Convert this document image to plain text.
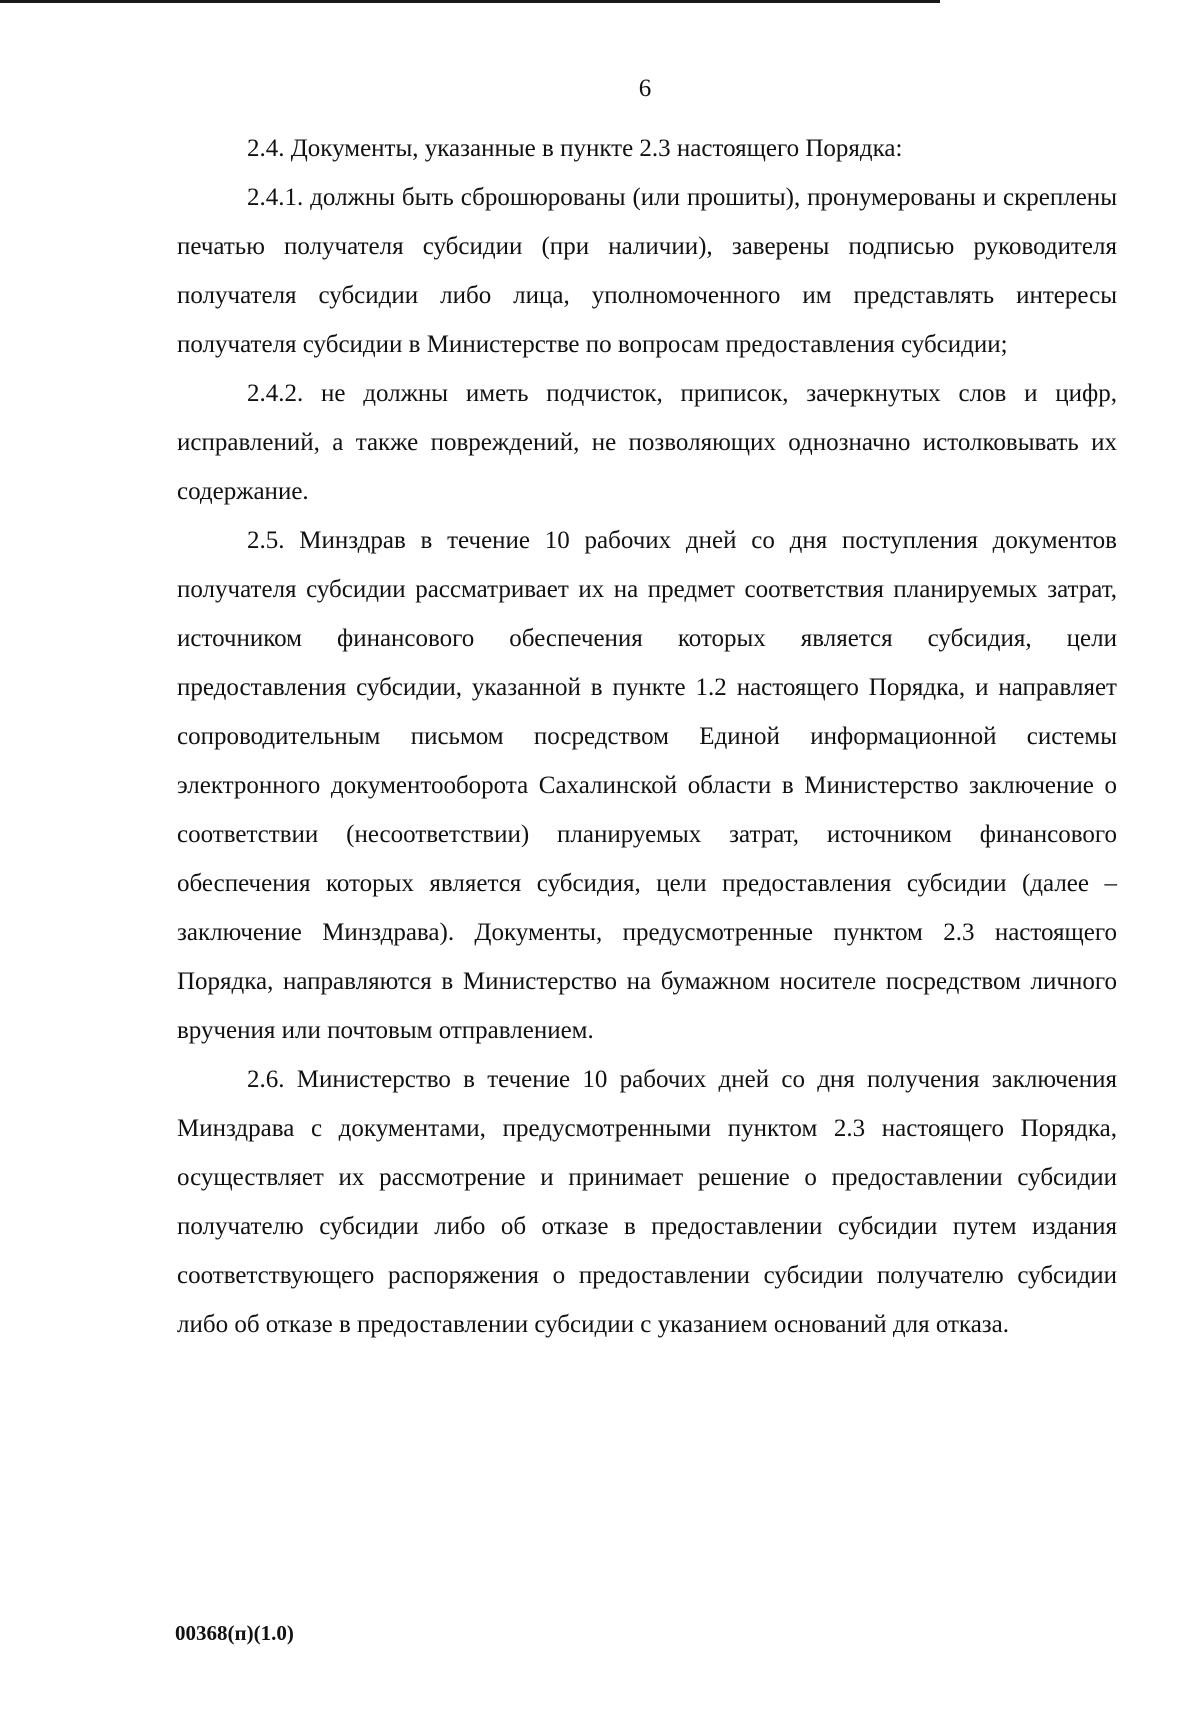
6

2.4. Документы, указанные в пункте 2.3 настоящего Порядка:

2.4.1. должны быть сброшюрованы (или прошиты), пронумерованы и скреплены печатью получателя субсидии (при наличии), заверены подписью руководителя получателя субсидии либо лица, уполномоченного им представлять интересы получателя субсидии в Министерстве по вопросам предоставления субсидии;

2.4.2. не должны иметь подчисток, приписок, зачеркнутых слов и цифр, исправлений, а также повреждений, не позволяющих однозначно истолковывать их содержание.

2.5. Минздрав в течение 10 рабочих дней со дня поступления документов получателя субсидии рассматривает их на предмет соответствия планируемых затрат, источником финансового обеспечения которых является субсидия, цели предоставления субсидии, указанной в пункте 1.2 настоящего Порядка, и направляет сопроводительным письмом посредством Единой информационной системы электронного документооборота Сахалинской области в Министерство заключение о соответствии (несоответствии) планируемых затрат, источником финансового обеспечения которых является субсидия, цели предоставления субсидии (далее – заключение Минздрава). Документы, предусмотренные пунктом 2.3 настоящего Порядка, направляются в Министерство на бумажном носителе посредством личного вручения или почтовым отправлением.

2.6. Министерство в течение 10 рабочих дней со дня получения заключения Минздрава с документами, предусмотренными пунктом 2.3 настоящего Порядка, осуществляет их рассмотрение и принимает решение о предоставлении субсидии получателю субсидии либо об отказе в предоставлении субсидии путем издания соответствующего распоряжения о предоставлении субсидии получателю субсидии либо об отказе в предоставлении субсидии с указанием оснований для отказа.

00368(п)(1.0)
